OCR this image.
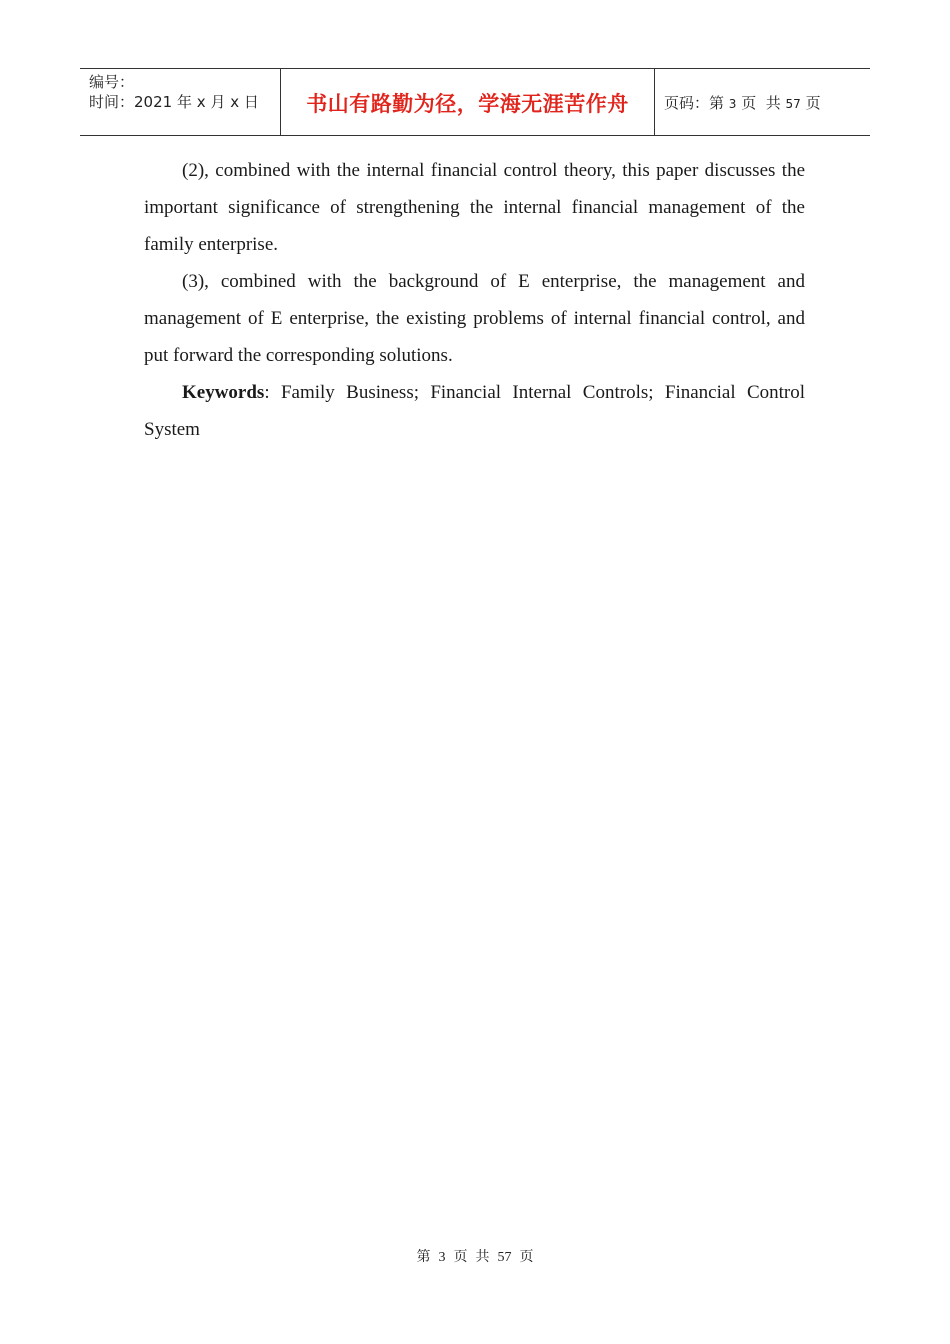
编号：
时间：2021 年 x 月 x 日 书山有路勤为径，学海无涯苦作舟 页码：第 3 页  共 57 页

(2), combined with the internal financial control theory, this paper discusses the important significance of strengthening the internal financial management of the family enterprise.

(3), combined with the background of E enterprise, the management and management of E enterprise, the existing problems of internal financial control, and put forward the corresponding solutions.

Keywords: Family Business; Financial Internal Controls; Financial Control System

第 3 页 共 57 页
